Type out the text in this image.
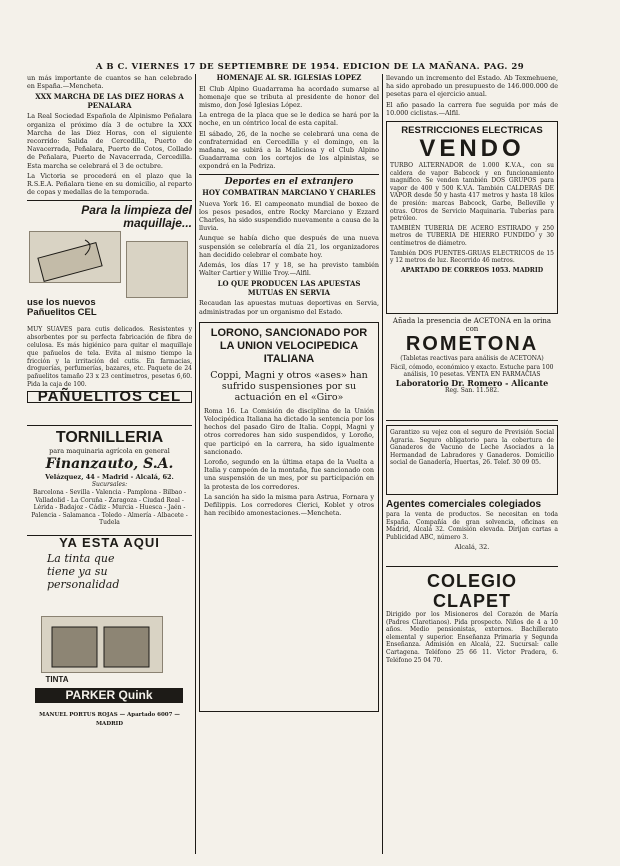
A B C. VIERNES 17 DE SEPTIEMBRE DE 1954. EDICION DE LA MAÑANA. PAG. 29

un más importante de cuantos se han celebrado en España.—Mencheta.

XXX MARCHA DE LAS DIEZ HORAS A PENALARA

La Real Sociedad Española de Alpinismo Peñalara organiza el próximo día 3 de octubre la XXX Marcha de las Diez Horas, con el siguiente recorrido: Salida de Cercedilla, Puerto de Navacerrada, Peñalara, Puerto de Cotos, Collado de Peñalara, Puerto de Navacerrada, Cercedilla. Esta marcha se celebrará el 3 de octubre.

La Victoria se procederá en el plazo que la R.S.E.A. Peñalara tiene en su domicilio, al reparto de copas y medallas de la temporada.

Para la limpieza del maquillaje...
use los nuevos Pañuelitos CEL

MUY SUAVES para cutis delicados. Resistentes y absorbentes por su perfecta fabricación de fibra de celulosa. Es más higiénico para quitar el maquillaje que pañuelos de tela. Evita al mismo tiempo la fricción y la irritación del cutis. En farmacias, droguerías, perfumerías, bazares, etc. Paquete de 24 pañuelitos tamaño 23 x 23 centímetros, pesetas 6,60. Pida la caja de 100.

PAÑUELITOS CEL
TORNILLERIA
para maquinaria agrícola en general
Finanzauto, S.A.
Velázquez, 44 - Madrid - Alcalá, 62.
Sucursales:

Barcelona - Sevilla - Valencia - Pamplona - Bilbao - Valladolid - La Coruña - Zaragoza - Ciudad Real - Lérida - Badajoz - Cádiz - Murcia - Huesca - Jaén - Palencia - Salamanca - Toledo - Almería - Albacete - Tudela

YA ESTA AQUI
La tinta que tiene ya su personalidad
TINTA
PARKER Quink
MANUEL PORTUS ROJAS — Apartado 6007 — MADRID
HOMENAJE AL SR. IGLESIAS LOPEZ

El Club Alpino Guadarrama ha acordado sumarse al homenaje que se tributa al presidente de honor del mismo, don José Iglesias López.

La entrega de la placa que se le dedica se hará por la noche, en un céntrico local de esta capital.

El sábado, 26, de la noche se celebrará una cena de confraternidad en Cercedilla y el domingo, en la mañana, se subirá a la Maliciosa y el Club Alpino Guadarrama con los cortejos de los alpinistas, se expondrá en la Pedriza.

Deportes en el extranjero
HOY COMBATIRAN MARCIANO Y CHARLES

Nueva York 16. El campeonato mundial de boxeo de los pesos pesados, entre Rocky Marciano y Ezzard Charles, ha sido suspendido nuevamente a causa de la lluvia.

Aunque se había dicho que después de una nueva suspensión se celebraría el día 21, los organizadores han decidido celebrar el combate hoy.

Además, los días 17 y 18, se ha previsto también Walter Cartier y Willie Troy.—Alfil.

LO QUE PRODUCEN LAS APUESTAS MUTUAS EN SERVIA

Recaudan las apuestas mutuas deportivas en Servia, administradas por un organismo del Estado.

LORONO, SANCIONADO POR LA UNION VELOCIPEDICA ITALIANA
Coppi, Magni y otros «ases» han sufrido suspensiones por su actuación en el «Giro»

Roma 16. La Comisión de disciplina de la Unión Velocipédica Italiana ha dictado la sentencia por los hechos del pasado Giro de Italia. Coppi, Magni y otros corredores han sido suspendidos, y Loroño, que participó en la carrera, ha sido igualmente sancionado.

Loroño, segundo en la última etapa de la Vuelta a Italia y campeón de la montaña, fue sancionado con una suspensión de un mes, por su participación en la protesta de los corredores.

La sanción ha sido la misma para Astrua, Fornara y Defilippis. Los corredores Clerici, Koblet y otros han recibido amonestaciones.—Mencheta.

llevando un incremento del Estado. Ab Texmehuene, ha sido aprobado un presupuesto de 146.000.000 de pesetas para el ejercicio anual.

El año pasado la carrera fue seguida por más de 10.000 ciclistas.—Alfil.

RESTRICCIONES ELECTRICAS
VENDO

TURBO ALTERNADOR de 1.000 K.V.A., con su caldera de vapor Babcock y en funcionamiento magnífico. Se venden también DOS GRUPOS para vapor de 400 y 500 K.V.A. También CALDERAS DE VAPOR desde 50 y hasta 417 metros y hasta 18 kilos de presión: marcas Babcock, Garbe, Belleville y otras. Otros de Servicio Maquinaria. Tuberías para petróleo.

TAMBIÉN TUBERIA DE ACERO ESTIRADO y 250 metros de TUBERIA DE HIERRO FUNDIDO y 30 centímetros de diámetro.

También DOS PUENTES-GRUAS ELECTRICOS de 15 y 12 metros de luz. Recorrido 46 metros.

APARTADO DE CORREOS 1053. MADRID
Añada la presencia de ACETONA en la orina con
ROMETONA
(Tabletas reactivas para análisis de ACETONA)
Fácil, cómodo, económico y exacto. Estuche para 100 análisis, 10 pesetas. VENTA EN FARMACIAS
Laboratorio Dr. Romero - Alicante
Reg. San. 11.582.

Garantizo su vejez con el seguro de Previsión Social Agraria. Seguro obligatorio para la cobertura de Ganaderos de Vacuno de Leche Asociados a la Hermandad de Labradores y Ganaderos. Domicilio social de Ganadería, Huertas, 26. Telef. 30 09 05.

Agentes comerciales colegiados

para la venta de productos. Se necesitan en toda España. Compañía de gran solvencia, oficinas en Madrid, Alcalá 32. Comisión elevada. Dirijan cartas a Publicidad ABC, número 3.

Alcalá, 32.
COLEGIO CLAPET

Dirigido por los Misioneros del Corazón de María (Padres Claretianos). Pida prospecto. Niños de 4 a 10 años. Medio pensionistas, externos. Bachillerato elemental y superior. Enseñanza Primaria y Segunda Enseñanza. Admisión en Alcalá, 22. Sucursal: calle Cartagena. Teléfono 25 66 11. Víctor Pradera, 6. Teléfono 25 04 70.
